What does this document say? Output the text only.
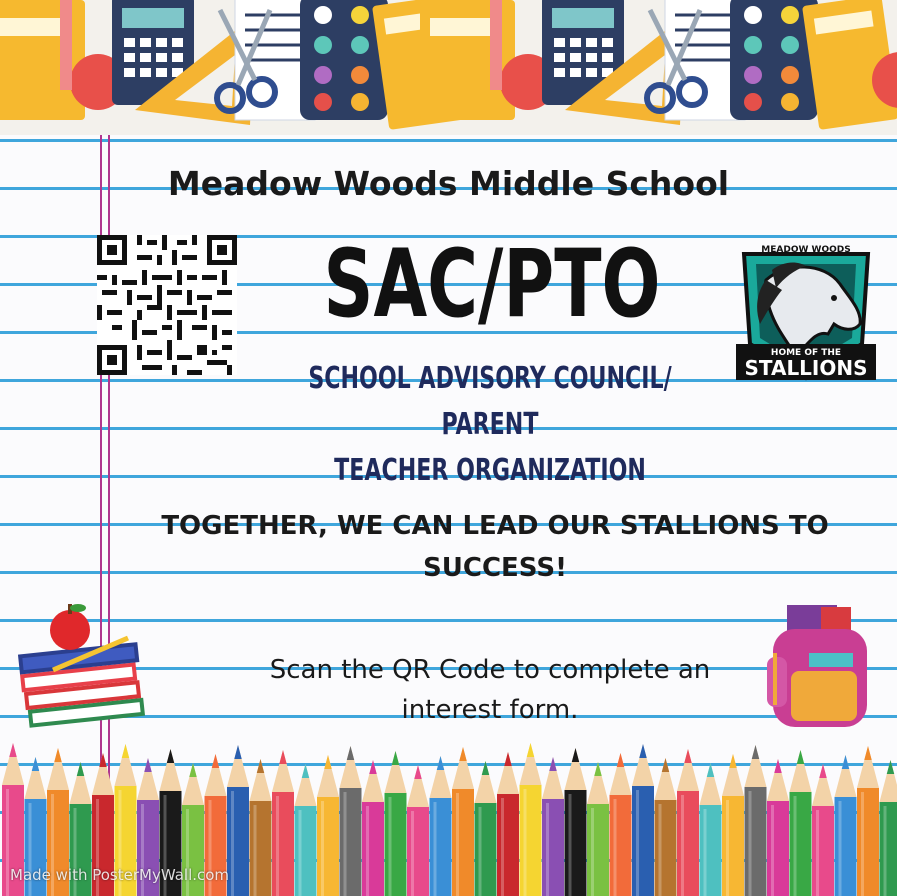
Meadow Woods Middle School
SAC/PTO	MEADOW WOODS
HOME OF THE
STALLIONS
SCHOOL ADVISORY COUNCIL/ PARENT
TEACHER ORGANIZATION
TOGETHER, WE CAN LEAD OUR STALLIONS TO
SUCCESS!
Scan the QR Code to complete an
interest form.
Made with PosterMyWall.com
